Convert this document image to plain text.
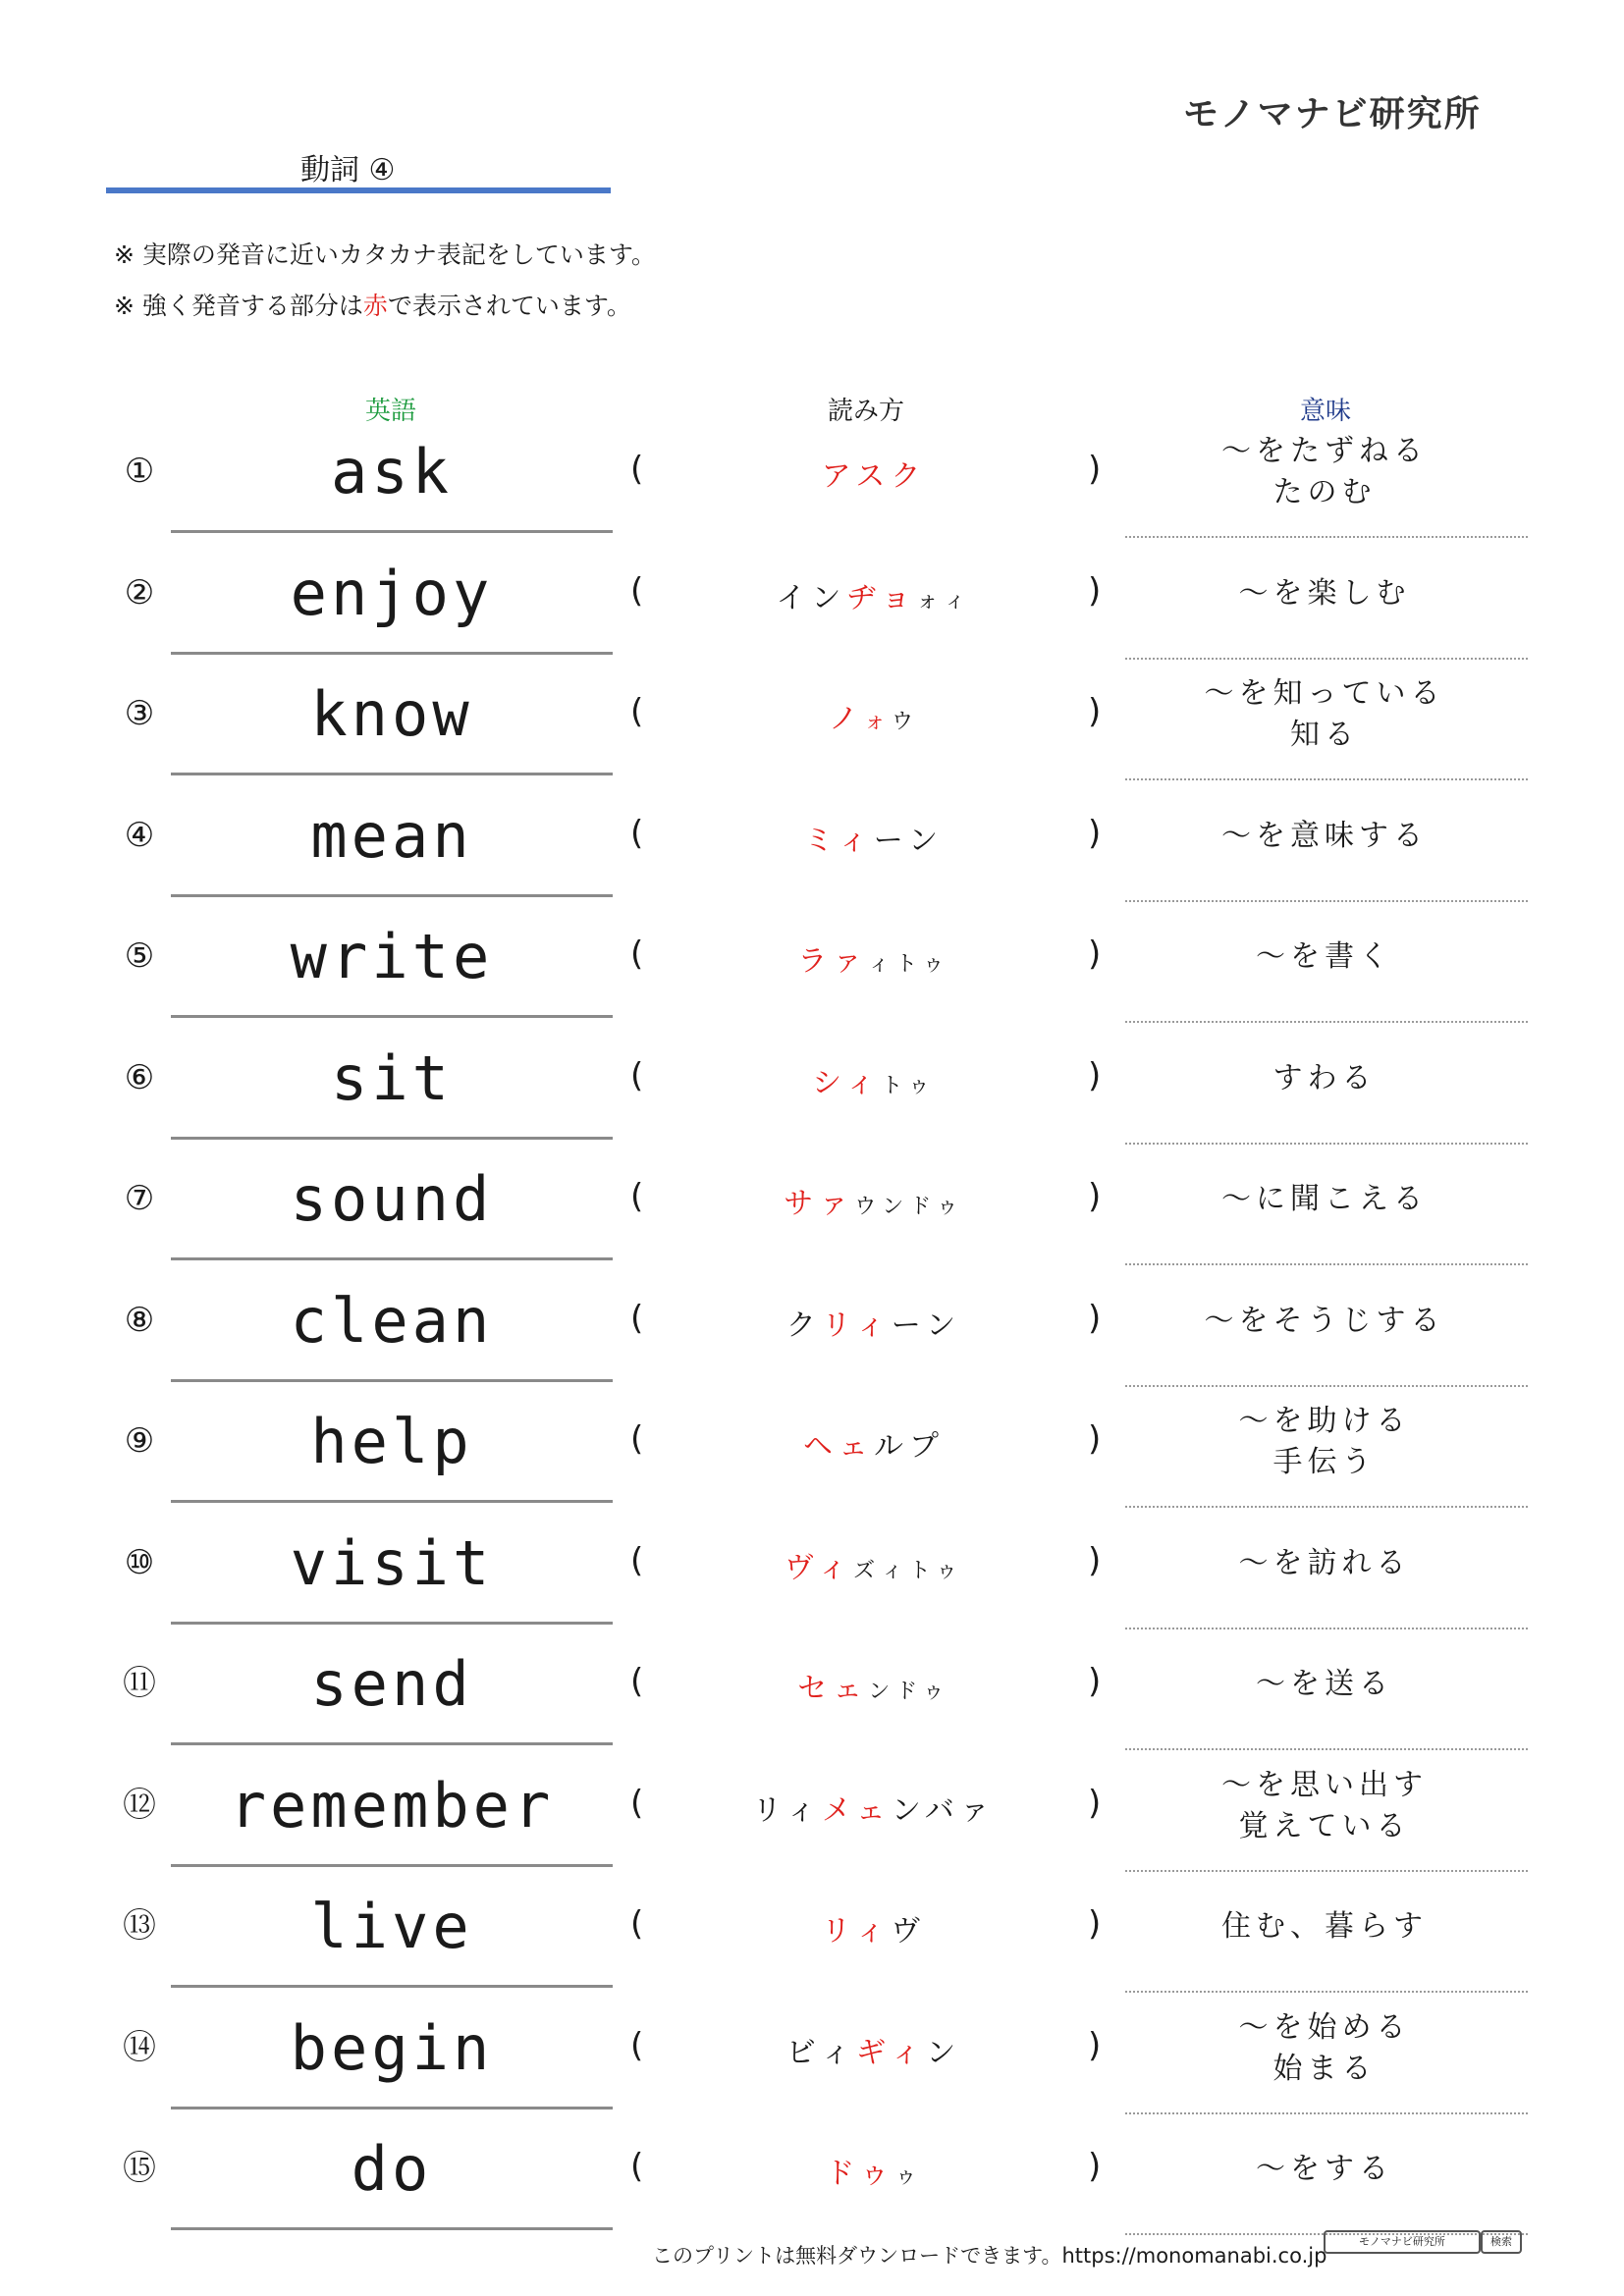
モノマナビ研究所
動詞 ④
※ 実際の発音に近いカタカナ表記をしています。
※ 強く発音する部分は赤で表示されています。
英語	読み方	意味
①	ask	(	アスク	)	～をたずねる
たのむ
②	enjoy	(	インヂョォィ	)	～を楽しむ
③	know	(	ノォウ	)	～を知っている
知る
④	mean	(	ミィーン	)	～を意味する
⑤	write	(	ラァィトゥ	)	～を書く
⑥	sit	(	シィトゥ	)	すわる
⑦	sound	(	サァウンドゥ	)	～に聞こえる
⑧	clean	(	クリィーン	)	～をそうじする
⑨	help	(	ヘェルプ	)	～を助ける
手伝う
⑩	visit	(	ヴィズィトゥ	)	～を訪れる
⑪	send	(	セェンドゥ	)	～を送る
⑫	remember	(	リィメェンバァ	)	～を思い出す
覚えている
⑬	live	(	リィヴ	)	住む、暮らす
⑭	begin	(	ビィギィン	)	～を始める
始まる
⑮	do	(	ドゥゥ	)	～をする
このプリントは無料ダウンロードできます。https://monomanabi.co.jp
モノマナビ研究所	検索
